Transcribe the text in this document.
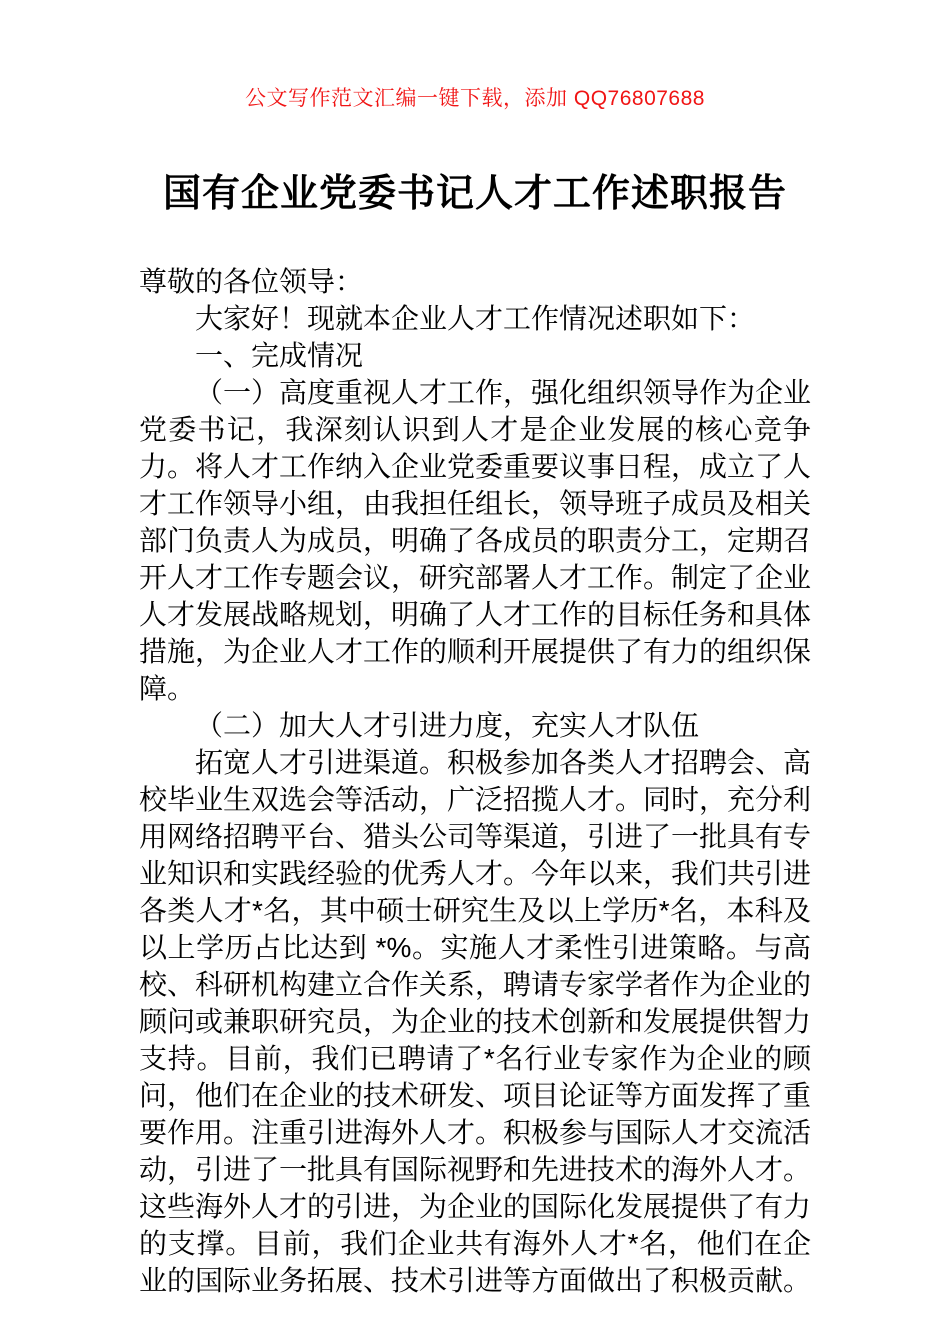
公文写作范文汇编一键下载，添加 QQ76807688
国有企业党委书记人才工作述职报告

尊敬的各位领导：

大家好！现就本企业人才工作情况述职如下：

一、完成情况

（一）高度重视人才工作，强化组织领导作为企业党委书记，我深刻认识到人才是企业发展的核心竞争力。将人才工作纳入企业党委重要议事日程，成立了人才工作领导小组，由我担任组长，领导班子成员及相关部门负责人为成员，明确了各成员的职责分工，定期召开人才工作专题会议，研究部署人才工作。制定了企业人才发展战略规划，明确了人才工作的目标任务和具体措施，为企业人才工作的顺利开展提供了有力的组织保障。

（二）加大人才引进力度，充实人才队伍

拓宽人才引进渠道。积极参加各类人才招聘会、高校毕业生双选会等活动，广泛招揽人才。同时，充分利用网络招聘平台、猎头公司等渠道，引进了一批具有专业知识和实践经验的优秀人才。今年以来，我们共引进各类人才*名，其中硕士研究生及以上学历*名，本科及以上学历占比达到 *%。实施人才柔性引进策略。与高校、科研机构建立合作关系，聘请专家学者作为企业的顾问或兼职研究员，为企业的技术创新和发展提供智力支持。目前，我们已聘请了*名行业专家作为企业的顾问，他们在企业的技术研发、项目论证等方面发挥了重要作用。注重引进海外人才。积极参与国际人才交流活动，引进了一批具有国际视野和先进技术的海外人才。这些海外人才的引进，为企业的国际化发展提供了有力的支撑。目前，我们企业共有海外人才*名，他们在企业的国际业务拓展、技术引进等方面做出了积极贡献。
